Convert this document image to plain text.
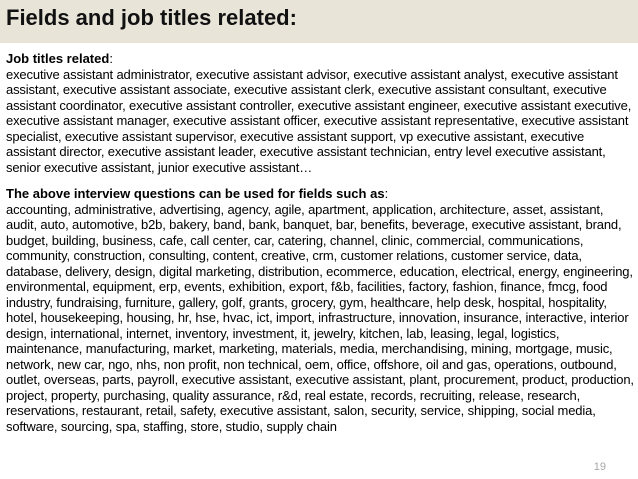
Fields and job titles related:

Job titles related:

executive assistant administrator, executive assistant advisor, executive assistant analyst, executive assistant assistant, executive assistant associate, executive assistant clerk, executive assistant consultant, executive assistant coordinator, executive assistant controller, executive assistant engineer, executive assistant executive, executive assistant manager, executive assistant officer, executive assistant representative, executive assistant specialist, executive assistant supervisor, executive assistant support, vp executive assistant, executive assistant director, executive assistant leader, executive assistant technician, entry level executive assistant, senior executive assistant, junior executive assistant…

The above interview questions can be used for fields such as:

accounting, administrative, advertising, agency, agile, apartment, application, architecture, asset, assistant, audit, auto, automotive, b2b, bakery, band, bank, banquet, bar, benefits, beverage, executive assistant, brand, budget, building, business, cafe, call center, car, catering, channel, clinic, commercial, communications, community, construction, consulting, content, creative, crm, customer relations, customer service, data, database, delivery, design, digital marketing, distribution, ecommerce, education, electrical, energy, engineering, environmental, equipment, erp, events, exhibition, export, f&b, facilities, factory, fashion, finance, fmcg, food industry, fundraising, furniture, gallery, golf, grants, grocery, gym, healthcare, help desk, hospital, hospitality, hotel, housekeeping, housing, hr, hse, hvac, ict, import, infrastructure, innovation, insurance, interactive, interior design, international, internet, inventory, investment, it, jewelry, kitchen, lab, leasing, legal, logistics, maintenance, manufacturing, market, marketing, materials, media, merchandising, mining, mortgage, music, network, new car, ngo, nhs, non profit, non technical, oem, office, offshore, oil and gas, operations, outbound, outlet, overseas, parts, payroll, executive assistant, executive assistant, plant, procurement, product, production, project, property, purchasing, quality assurance, r&d, real estate, records, recruiting, release, research, reservations, restaurant, retail, safety, executive assistant, salon, security, service, shipping, social media, software, sourcing, spa, staffing, store, studio, supply chain

19
